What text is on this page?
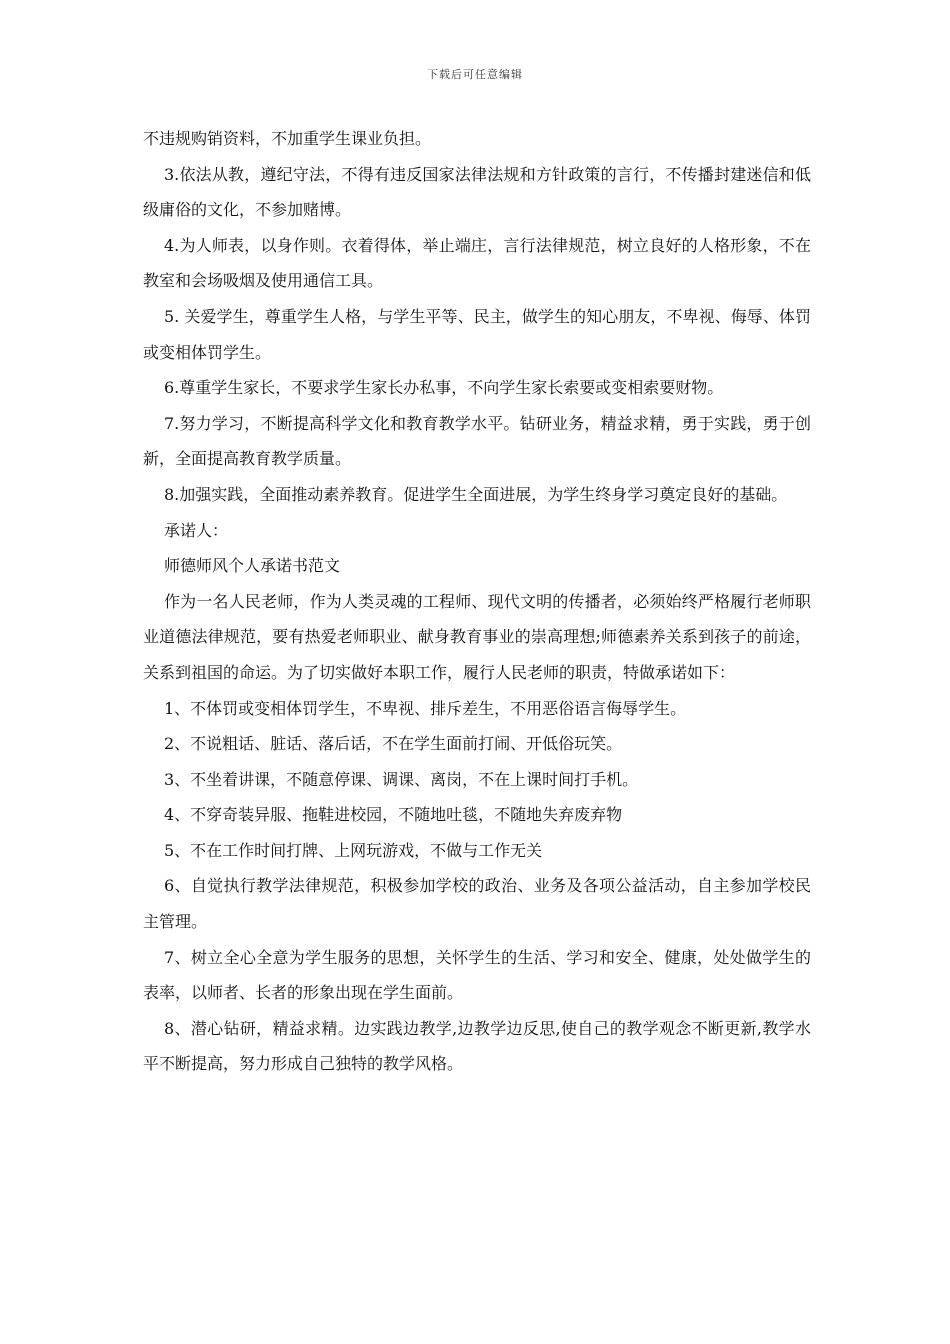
下载后可任意编辑

不违规购销资料，不加重学生课业负担。

3.依法从教，遵纪守法，不得有违反国家法律法规和方针政策的言行，不传播封建迷信和低级庸俗的文化，不参加赌博。

4.为人师表，以身作则。衣着得体，举止端庄，言行法律规范，树立良好的人格形象，不在教室和会场吸烟及使用通信工具。

5. 关爱学生，尊重学生人格，与学生平等、民主，做学生的知心朋友，不卑视、侮辱、体罚或变相体罚学生。

6.尊重学生家长，不要求学生家长办私事，不向学生家长索要或变相索要财物。

7.努力学习，不断提高科学文化和教育教学水平。钻研业务，精益求精，勇于实践，勇于创新，全面提高教育教学质量。

8.加强实践，全面推动素养教育。促进学生全面进展，为学生终身学习奠定良好的基础。

承诺人：

师德师风个人承诺书范文

作为一名人民老师，作为人类灵魂的工程师、现代文明的传播者，必须始终严格履行老师职业道德法律规范，要有热爱老师职业、献身教育事业的崇高理想;师德素养关系到孩子的前途，关系到祖国的命运。为了切实做好本职工作，履行人民老师的职责，特做承诺如下：

1、不体罚或变相体罚学生，不卑视、排斥差生，不用恶俗语言侮辱学生。

2、不说粗话、脏话、落后话，不在学生面前打闹、开低俗玩笑。

3、不坐着讲课，不随意停课、调课、离岗，不在上课时间打手机。

4、不穿奇装异服、拖鞋进校园，不随地吐毯，不随地失弃废弃物

5、不在工作时间打牌、上网玩游戏，不做与工作无关

6、自觉执行教学法律规范，积极参加学校的政治、业务及各项公益活动，自主参加学校民主管理。

7、树立全心全意为学生服务的思想，关怀学生的生活、学习和安全、健康，处处做学生的表率，以师者、长者的形象出现在学生面前。

8、潜心钻研，精益求精。边实践边教学,边教学边反思,使自己的教学观念不断更新,教学水平不断提高，努力形成自己独特的教学风格。
